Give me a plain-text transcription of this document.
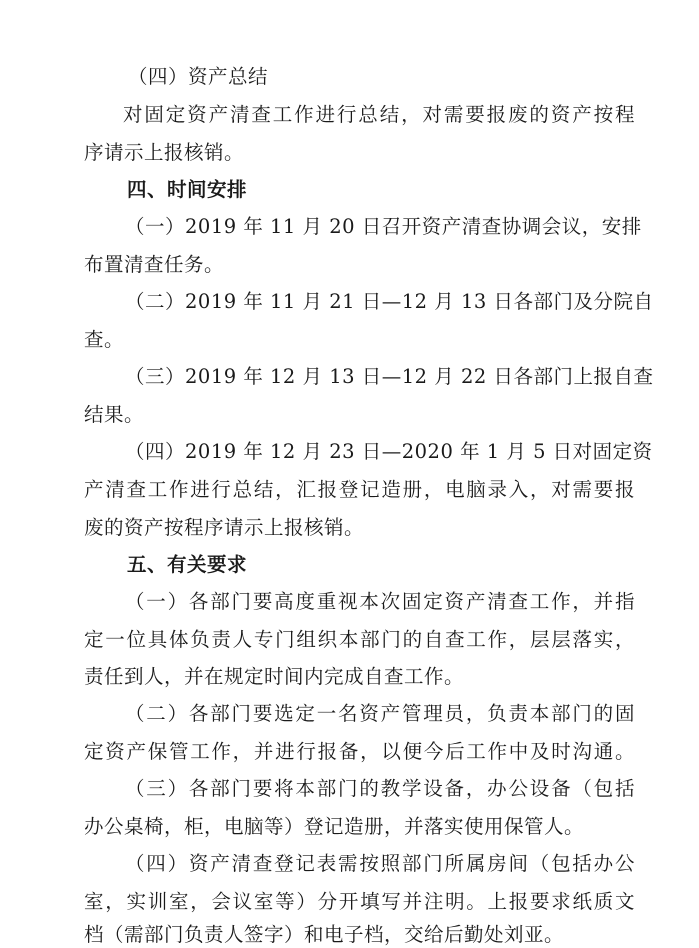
（四）资产总结
对固定资产清查工作进行总结，对需要报废的资产按程
序请示上报核销。
四、时间安排
（一）2019 年 11 月 20 日召开资产清查协调会议，安排
布置清查任务。
（二）2019 年 11 月 21 日—12 月 13 日各部门及分院自
查。
（三）2019 年 12 月 13 日—12 月 22 日各部门上报自查
结果。
（四）2019 年 12 月 23 日—2020 年 1 月 5 日对固定资
产清查工作进行总结，汇报登记造册，电脑录入，对需要报
废的资产按程序请示上报核销。
五、有关要求
（一）各部门要高度重视本次固定资产清查工作，并指
定一位具体负责人专门组织本部门的自查工作，层层落实，
责任到人，并在规定时间内完成自查工作。
（二）各部门要选定一名资产管理员，负责本部门的固
定资产保管工作，并进行报备，以便今后工作中及时沟通。
（三）各部门要将本部门的教学设备，办公设备（包括
办公桌椅，柜，电脑等）登记造册，并落实使用保管人。
（四）资产清查登记表需按照部门所属房间（包括办公
室，实训室，会议室等）分开填写并注明。上报要求纸质文
档（需部门负责人签字）和电子档，交给后勤处刘亚。
